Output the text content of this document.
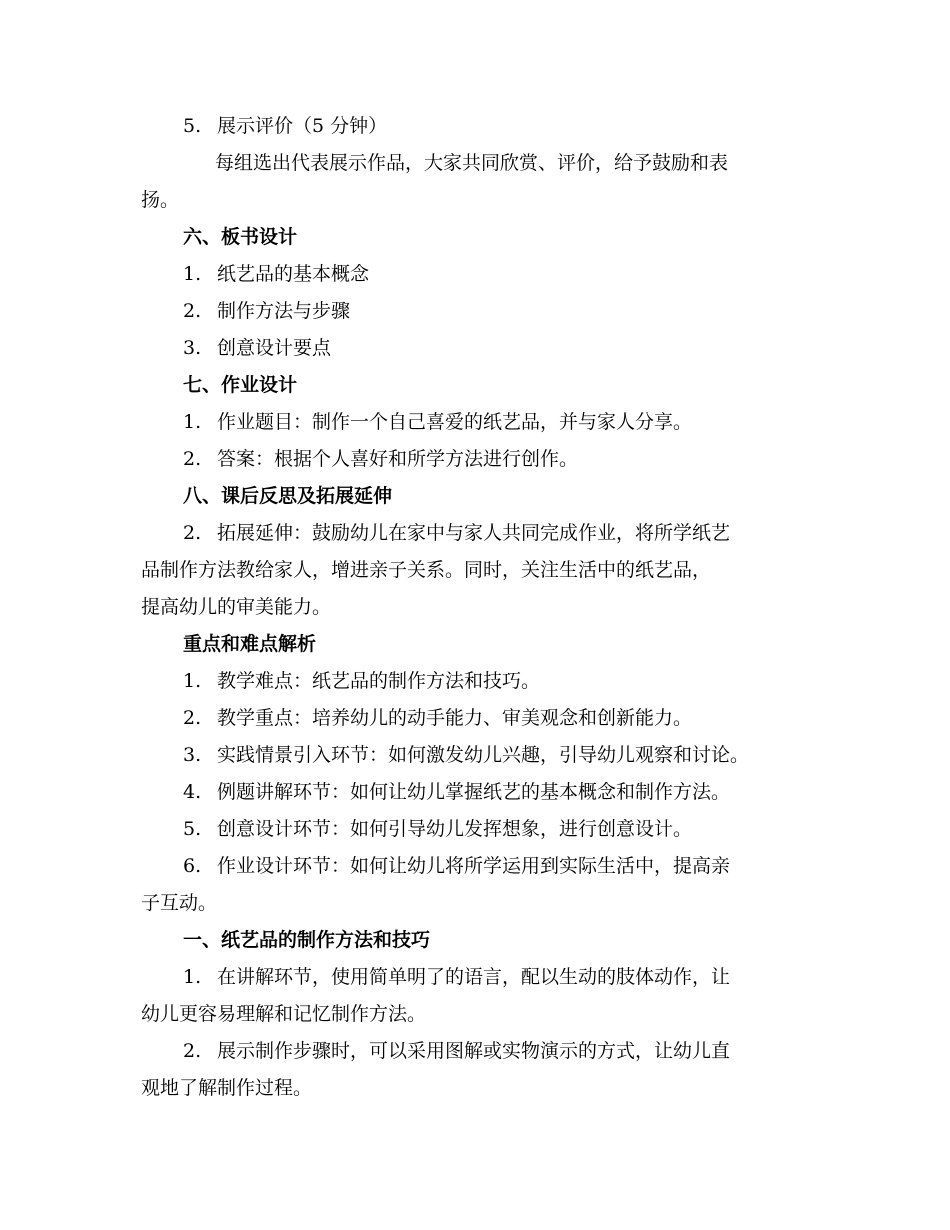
5. 展示评价（5 分钟）
每组选出代表展示作品，大家共同欣赏、评价，给予鼓励和表
扬。
六、板书设计
1. 纸艺品的基本概念
2. 制作方法与步骤
3. 创意设计要点
七、作业设计
1. 作业题目：制作一个自己喜爱的纸艺品，并与家人分享。
2. 答案：根据个人喜好和所学方法进行创作。
八、课后反思及拓展延伸
2. 拓展延伸：鼓励幼儿在家中与家人共同完成作业，将所学纸艺
品制作方法教给家人，增进亲子关系。同时，关注生活中的纸艺品，
提高幼儿的审美能力。
重点和难点解析
1. 教学难点：纸艺品的制作方法和技巧。
2. 教学重点：培养幼儿的动手能力、审美观念和创新能力。
3. 实践情景引入环节：如何激发幼儿兴趣，引导幼儿观察和讨论。
4. 例题讲解环节：如何让幼儿掌握纸艺的基本概念和制作方法。
5. 创意设计环节：如何引导幼儿发挥想象，进行创意设计。
6. 作业设计环节：如何让幼儿将所学运用到实际生活中，提高亲
子互动。
一、纸艺品的制作方法和技巧
1. 在讲解环节，使用简单明了的语言，配以生动的肢体动作，让
幼儿更容易理解和记忆制作方法。
2. 展示制作步骤时，可以采用图解或实物演示的方式，让幼儿直
观地了解制作过程。
